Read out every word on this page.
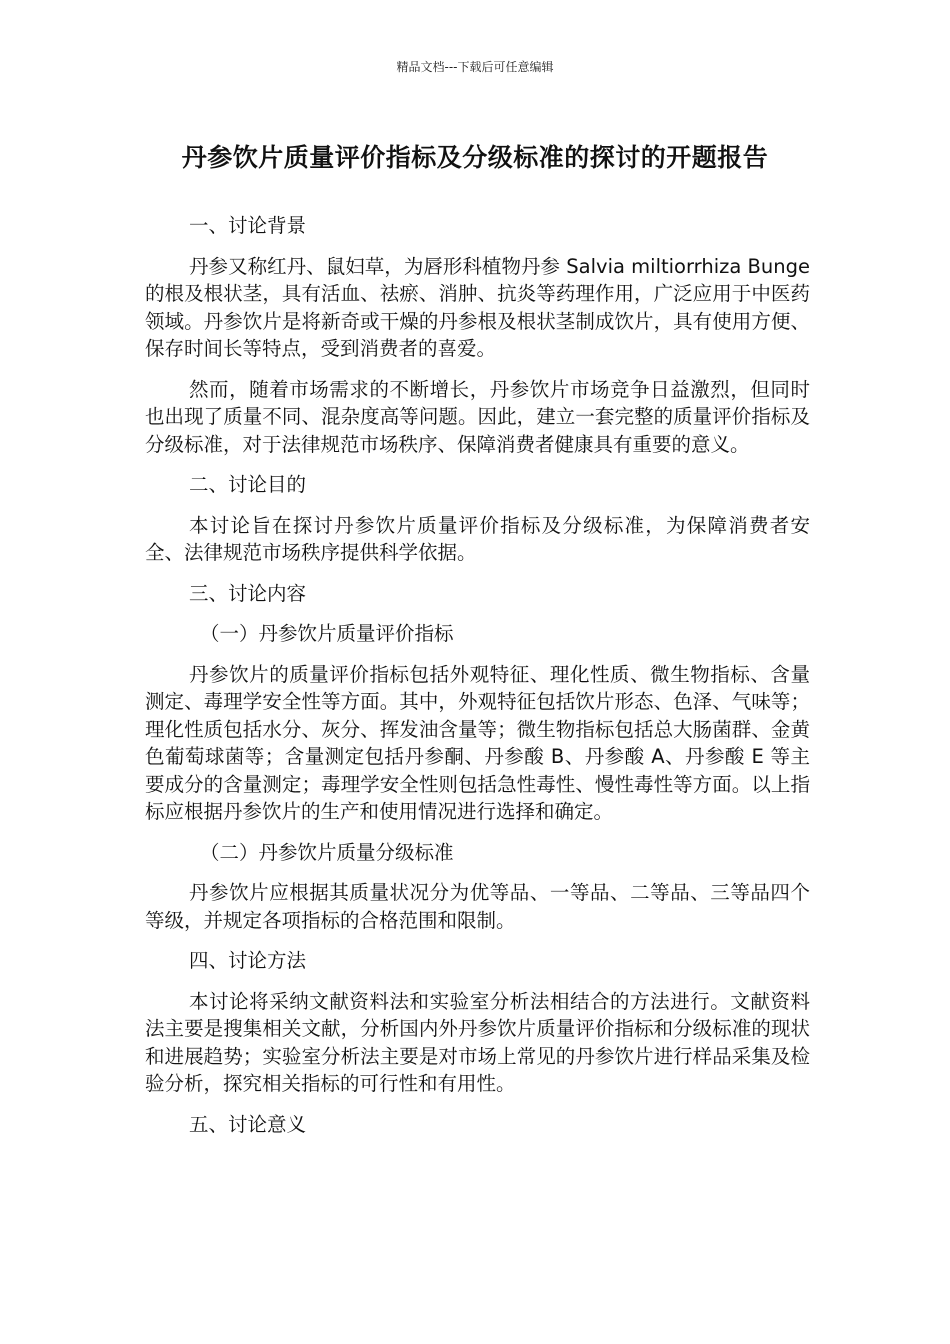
精品文档---下载后可任意编辑
丹参饮片质量评价指标及分级标准的探讨的开题报告

一、讨论背景

丹参又称红丹、鼠妇草，为唇形科植物丹参 Salvia miltiorrhiza Bunge 的根及根状茎，具有活血、祛瘀、消肿、抗炎等药理作用，广泛应用于中医药领域。丹参饮片是将新奇或干燥的丹参根及根状茎制成饮片，具有使用方便、保存时间长等特点，受到消费者的喜爱。

然而，随着市场需求的不断增长，丹参饮片市场竞争日益激烈，但同时也出现了质量不同、混杂度高等问题。因此，建立一套完整的质量评价指标及分级标准，对于法律规范市场秩序、保障消费者健康具有重要的意义。

二、讨论目的

本讨论旨在探讨丹参饮片质量评价指标及分级标准，为保障消费者安全、法律规范市场秩序提供科学依据。

三、讨论内容

（一）丹参饮片质量评价指标

丹参饮片的质量评价指标包括外观特征、理化性质、微生物指标、含量测定、毒理学安全性等方面。其中，外观特征包括饮片形态、色泽、气味等；理化性质包括水分、灰分、挥发油含量等；微生物指标包括总大肠菌群、金黄色葡萄球菌等；含量测定包括丹参酮、丹参酸 B、丹参酸 A、丹参酸 E 等主要成分的含量测定；毒理学安全性则包括急性毒性、慢性毒性等方面。以上指标应根据丹参饮片的生产和使用情况进行选择和确定。

（二）丹参饮片质量分级标准

丹参饮片应根据其质量状况分为优等品、一等品、二等品、三等品四个等级，并规定各项指标的合格范围和限制。

四、讨论方法

本讨论将采纳文献资料法和实验室分析法相结合的方法进行。文献资料法主要是搜集相关文献，分析国内外丹参饮片质量评价指标和分级标准的现状和进展趋势；实验室分析法主要是对市场上常见的丹参饮片进行样品采集及检验分析，探究相关指标的可行性和有用性。

五、讨论意义
